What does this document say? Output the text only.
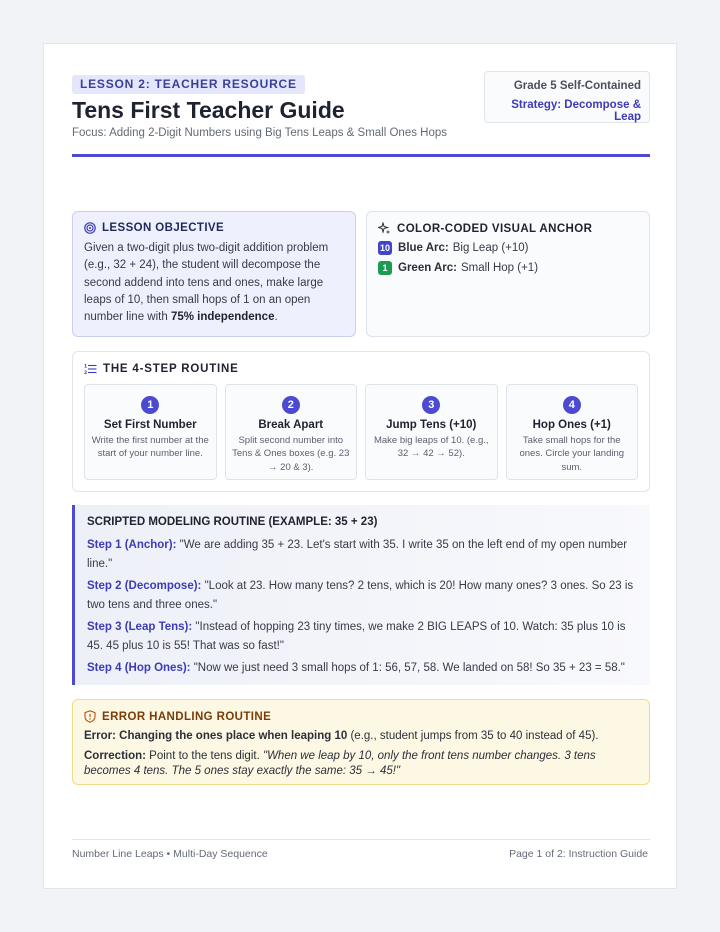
LESSON 2: TEACHER RESOURCE
Tens First Teacher Guide
Focus: Adding 2-Digit Numbers using Big Tens Leaps & Small Ones Hops
Grade 5 Self-Contained
Strategy: Decompose & Leap
LESSON OBJECTIVE
Given a two-digit plus two-digit addition problem (e.g., 32 + 24), the student will decompose the second addend into tens and ones, make large leaps of 10, then small hops of 1 on an open number line with 75% independence.
COLOR-CODED VISUAL ANCHOR
10 Blue Arc: Big Leap (+10)
1 Green Arc: Small Hop (+1)
1
2 THE 4-STEP ROUTINE
1
Set First Number
Write the first number at the start of your number line.
2
Break Apart
Split second number into Tens & Ones boxes (e.g. 23 → 20 & 3).
3
Jump Tens (+10)
Make big leaps of 10. (e.g., 32 → 42 → 52).
4
Hop Ones (+1)
Take small hops for the ones. Circle your landing sum.
SCRIPTED MODELING ROUTINE (EXAMPLE: 35 + 23)

Step 1 (Anchor): "We are adding 35 + 23. Let's start with 35. I write 35 on the left end of my open number line."

Step 2 (Decompose): "Look at 23. How many tens? 2 tens, which is 20! How many ones? 3 ones. So 23 is two tens and three ones."

Step 3 (Leap Tens): "Instead of hopping 23 tiny times, we make 2 BIG LEAPS of 10. Watch: 35 plus 10 is 45. 45 plus 10 is 55! That was so fast!"

Step 4 (Hop Ones): "Now we just need 3 small hops of 1: 56, 57, 58. We landed on 58! So 35 + 23 = 58."

ERROR HANDLING ROUTINE

Error: Changing the ones place when leaping 10 (e.g., student jumps from 35 to 40 instead of 45).

Correction: Point to the tens digit. "When we leap by 10, only the front tens number changes. 3 tens becomes 4 tens. The 5 ones stay exactly the same: 35 → 45!"

Number Line Leaps • Multi-Day Sequence	Page 1 of 2: Instruction Guide
